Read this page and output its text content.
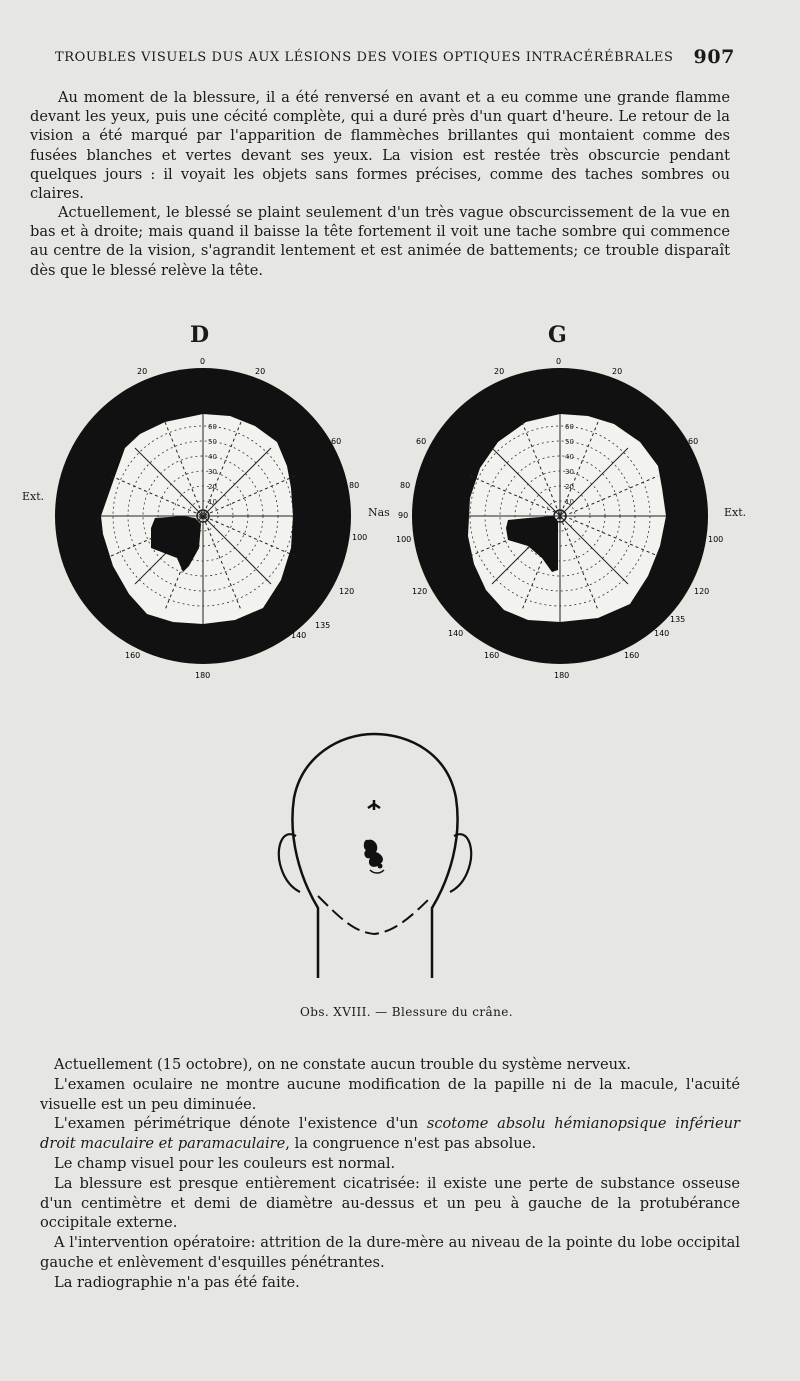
TROUBLES VISUELS DUS AUX LÉSIONS DES VOIES OPTIQUES INTRACÉRÉBRALES 907

Au moment de la blessure, il a été renversé en avant et a eu comme une grande flamme devant les yeux, puis une cécité complète, qui a duré près d'un quart d'heure. Le retour de la vision a été marqué par l'apparition de flammèches brillantes qui montaient comme des fusées blanches et vertes devant ses yeux. La vision est restée très obscurcie pendant quelques jours : il voyait les objets sans formes précises, comme des taches sombres ou claires.

Actuellement, le blessé se plaint seulement d'un très vague obscurcissement de la vue en bas et à droite; mais quand il baisse la tête fortement il voit une tache sombre qui commence au centre de la vision, s'agrandit lentement et est animée de battements; ce trouble disparaît dès que le blessé relève la tête.

D	G
Ext.
Nas	Ext.
0
20	20
60
80
100
120
135
140
160
180
10
20
30
40
50
60
0
20	20
60	60
80
90
100	100
120	120
135
140	140
160	160
180
10
20
30
40
50
60
Obs. XVIII. — Blessure du crâne.

Actuellement (15 octobre), on ne constate aucun trouble du système nerveux.

L'examen oculaire ne montre aucune modification de la papille ni de la macule, l'acuité visuelle est un peu diminuée.

L'examen périmétrique dénote l'existence d'un scotome absolu hémianopsique inférieur droit maculaire et paramaculaire, la congruence n'est pas absolue.

Le champ visuel pour les couleurs est normal.

La blessure est presque entièrement cicatrisée: il existe une perte de substance osseuse d'un centimètre et demi de diamètre au-dessus et un peu à gauche de la protubérance occipitale externe.

A l'intervention opératoire: attrition de la dure-mère au niveau de la pointe du lobe occipital gauche et enlèvement d'esquilles pénétrantes.

La radiographie n'a pas été faite.
